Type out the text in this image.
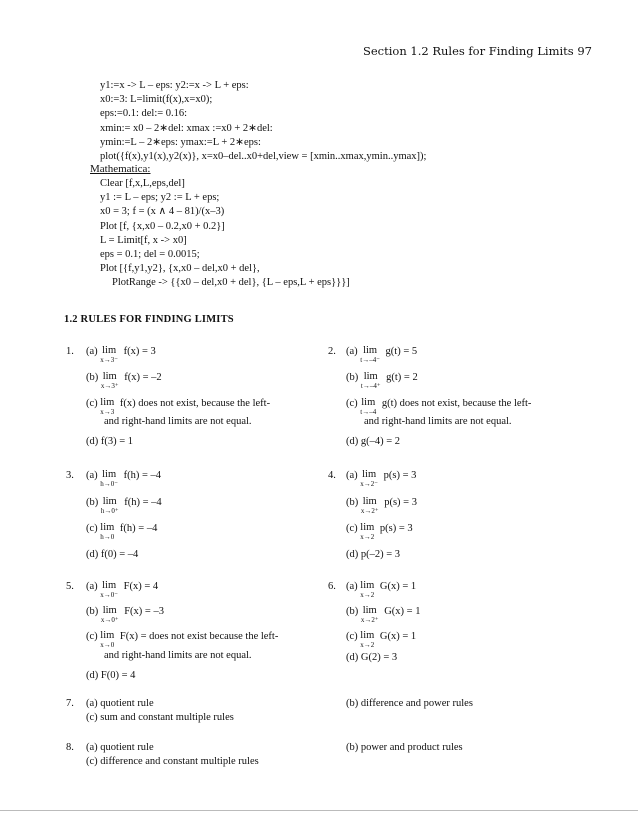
Section 1.2 Rules for Finding Limits 97
y1:=x -> L – eps: y2:=x -> L + eps:
x0:=3: L=limit(f(x),x=x0);
eps:=0.1: del:= 0.16:
xmin:= x0 – 2∗del: xmax :=x0 + 2∗del:
ymin:=L – 2∗eps: ymax:=L + 2∗eps:
plot({f(x),y1(x),y2(x)}, x=x0–del..x0+del,view = [xmin..xmax,ymin..ymax]);
Mathematica:
Clear [f,x,L,eps,del]
y1 := L – eps; y2 := L + eps;
x0 = 3; f = (x ∧ 4 – 81)/(x–3)
Plot [f, {x,x0 – 0.2,x0 + 0.2}]
L = Limit[f, x -> x0]
eps = 0.1; del = 0.0015;
Plot [{f,y1,y2}, {x,x0 – del,x0 + del},
PlotRange -> {{x0 – del,x0 + del}, {L – eps,L + eps}}}]
1.2 RULES FOR FINDING LIMITS
1. (a) lim
x→3⁻
f(x) = 3
(b) lim
x→3⁺
f(x) = –2
(c) lim
x→3
f(x) does not exist, because the left-
and right-hand limits are not equal.
(d) f(3) = 1
2. (a) lim
t→–4⁻
g(t) = 5
(b) lim
t→–4⁺
g(t) = 2
(c) lim
t→–4
g(t) does not exist, because the left-
and right-hand limits are not equal.
(d) g(–4) = 2
3. (a) lim
h→0⁻
f(h) = –4
(b) lim
h→0⁺
f(h) = –4
(c) lim
h→0
f(h) = –4
(d) f(0) = –4
4. (a) lim
x→2⁻
p(s) = 3
(b) lim
x→2⁺
p(s) = 3
(c) lim
x→2
p(s) = 3
(d) p(–2) = 3
5. (a) lim
x→0⁻
F(x) = 4
(b) lim
x→0⁺
F(x) = –3
(c) lim
x→0
F(x) = does not exist because the left-
and right-hand limits are not equal.
(d) F(0) = 4
6. (a) lim
x→2
G(x) = 1
(b) lim
x→2⁺
G(x) = 1
(c) lim
x→2
G(x) = 1
(d) G(2) = 3
7. (a) quotient rule
(c) sum and constant multiple rules
(b) difference and power rules
8. (a) quotient rule
(c) difference and constant multiple rules
(b) power and product rules
